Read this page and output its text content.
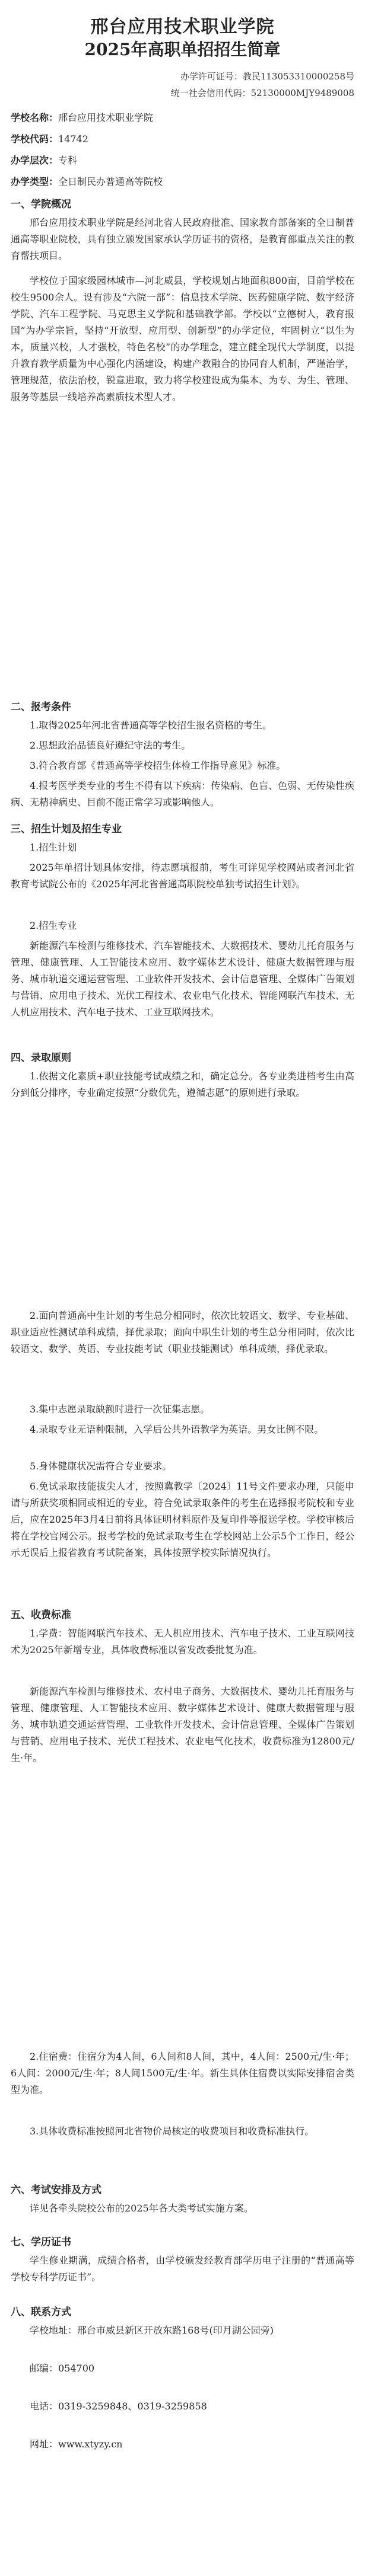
邢台应用技术职业学院
2025年高职单招招生简章
办学许可证号：教民113053310000258号
统一社会信用代码：52130000MJY9489008
学校名称：邢台应用技术职业学院
学校代码：14742
办学层次：专科
办学类型：全日制民办普通高等院校
一、学院概况
邢台应用技术职业学院是经河北省人民政府批准、国家教育部备案的全日制普通高等职业院校，具有独立颁发国家承认学历证书的资格，是教育部重点关注的教育帮扶项目。
学校位于国家级园林城市—河北威县，学校规划占地面积800亩，目前学校在校生9500余人。设有涉及“六院一部”：信息技术学院、医药健康学院、数字经济学院、汽车工程学院、马克思主义学院和基础教学部。学校以“立德树人，教育报国”为办学宗旨，坚持“开放型、应用型、创新型”的办学定位，牢固树立“以生为本，质量兴校，人才强校，特色名校”的办学理念，建立健全现代大学制度，以提升教育教学质量为中心强化内涵建设，构建产教融合的协同育人机制，严谨治学，管理规范，依法治校，锐意进取，致力将学校建设成为集本、为专、为生、管理、服务等基层一线培养高素质技术型人才。
二、报考条件
1.取得2025年河北省普通高等学校招生报名资格的考生。
2.思想政治品德良好遵纪守法的考生。
3.符合教育部《普通高等学校招生体检工作指导意见》标准。
4.报考医学类专业的考生不得有以下疾病：传染病、色盲、色弱、无传染性疾病、无精神病史、目前不能正常学习或影响他人。
三、招生计划及招生专业
1.招生计划
2025年单招计划具体安排，待志愿填报前，考生可详见学校网站或者河北省教育考试院公布的《2025年河北省普通高职院校单独考试招生计划》。
2.招生专业
新能源汽车检测与维修技术、汽车智能技术、大数据技术、婴幼儿托育服务与管理、健康管理、人工智能技术应用、数字媒体艺术设计、健康大数据管理与服务、城市轨道交通运营管理、工业软件开发技术、会计信息管理、全媒体广告策划与营销、应用电子技术、光伏工程技术、农业电气化技术、智能网联汽车技术、无人机应用技术、汽车电子技术、工业互联网技术。
四、录取原则
1.依据文化素质+职业技能考试成绩之和，确定总分。各专业类进档考生由高分到低分排序，专业确定按照“分数优先，遵循志愿”的原则进行录取。
2.面向普通高中生计划的考生总分相同时，依次比较语文、数学、专业基础、职业适应性测试单科成绩，择优录取；面向中职生计划的考生总分相同时，依次比较语文、数学、英语、专业技能考试（职业技能测试）单科成绩，择优录取。
3.集中志愿录取缺额时进行一次征集志愿。
4.录取专业无语种限制，入学后公共外语教学为英语。男女比例不限。
5.身体健康状况需符合专业要求。
6.免试录取技能拔尖人才，按照冀教学〔2024〕11号文件要求办理，只能申请与所获奖项相同或相近的专业，符合免试录取条件的考生在选择报考院校和专业后，应在2025年3月4日前将具体证明材料原件及复印件等报送学校。学校审核后将在学校官网公示。报考学校的免试录取考生在学校网站上公示5个工作日，经公示无误后上报省教育考试院备案，具体按照学校实际情况执行。
五、收费标准
1.学费：智能网联汽车技术、无人机应用技术、汽车电子技术、工业互联网技术为2025年新增专业，具体收费标准以省发改委批复为准。
新能源汽车检测与维修技术、农村电子商务、大数据技术、婴幼儿托育服务与管理、健康管理、人工智能技术应用、数字媒体艺术设计、健康大数据管理与服务、城市轨道交通运营管理、工业软件开发技术、会计信息管理、全媒体广告策划与营销、应用电子技术、光伏工程技术、农业电气化技术，收费标准为12800元/生·年。
2.住宿费：住宿分为4人间，6人间和8人间，其中，4人间：2500元/生·年；6人间：2000元/生·年；8人间1500元/生·年。新生具体住宿费以实际安排宿舍类型为准。
3.具体收费标准按照河北省物价局核定的收费项目和收费标准执行。
六、考试安排及方式
详见各牵头院校公布的2025年各大类考试实施方案。
七、学历证书
学生修业期满，成绩合格者，由学校颁发经教育部学历电子注册的“普通高等学校专科学历证书”。
八、联系方式
学校地址：邢台市威县新区开放东路168号(印月湖公园旁)
邮编：054700
电话：0319-3259848、0319-3259858
网址：www.xtyzy.cn
